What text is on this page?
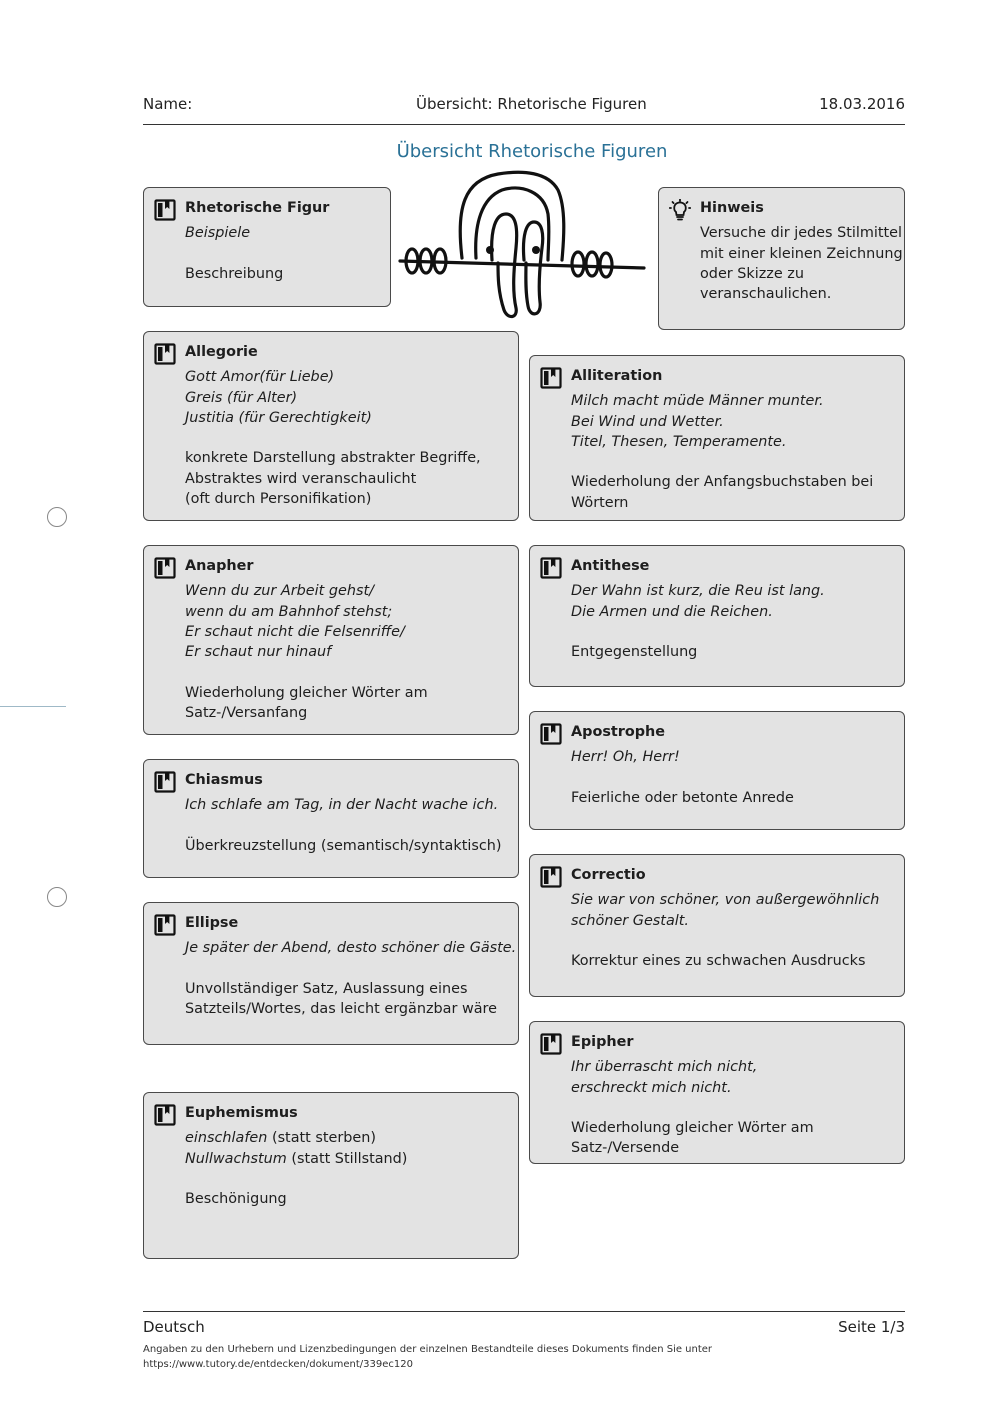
Name:	Übersicht: Rhetorische Figuren	18.03.2016
Übersicht Rhetorische Figuren
Rhetorische Figur
Beispiele
Beschreibung
Hinweis
Versuche dir jedes Stilmittel
mit einer kleinen Zeichnung
oder Skizze zu
veranschaulichen.
Allegorie
Gott Amor(für Liebe)
Greis (für Alter)
Justitia (für Gerechtigkeit)
konkrete Darstellung abstrakter Begriffe,
Abstraktes wird veranschaulicht
(oft durch Personifikation)
Alliteration
Milch macht müde Männer munter.
Bei Wind und Wetter.
Titel, Thesen, Temperamente.
Wiederholung der Anfangsbuchstaben bei
Wörtern
Anapher
Wenn du zur Arbeit gehst/
wenn du am Bahnhof stehst;
Er schaut nicht die Felsenriffe/
Er schaut nur hinauf
Wiederholung gleicher Wörter am
Satz-/Versanfang
Antithese
Der Wahn ist kurz, die Reu ist lang.
Die Armen und die Reichen.
Entgegenstellung
Apostrophe
Herr! Oh, Herr!
Feierliche oder betonte Anrede
Chiasmus
Ich schlafe am Tag, in der Nacht wache ich.
Überkreuzstellung (semantisch/syntaktisch)
Correctio
Sie war von schöner, von außergewöhnlich
schöner Gestalt.
Korrektur eines zu schwachen Ausdrucks
Ellipse
Je später der Abend, desto schöner die Gäste.
Unvollständiger Satz, Auslassung eines
Satzteils/Wortes, das leicht ergänzbar wäre
Epipher
Ihr überrascht mich nicht,
erschreckt mich nicht.
Wiederholung gleicher Wörter am
Satz-/Versende
Euphemismus
einschlafen (statt sterben)
Nullwachstum (statt Stillstand)
Beschönigung
Deutsch	Seite 1/3
Angaben zu den Urhebern und Lizenzbedingungen der einzelnen Bestandteile dieses Dokuments finden Sie unter
https://www.tutory.de/entdecken/dokument/339ec120
